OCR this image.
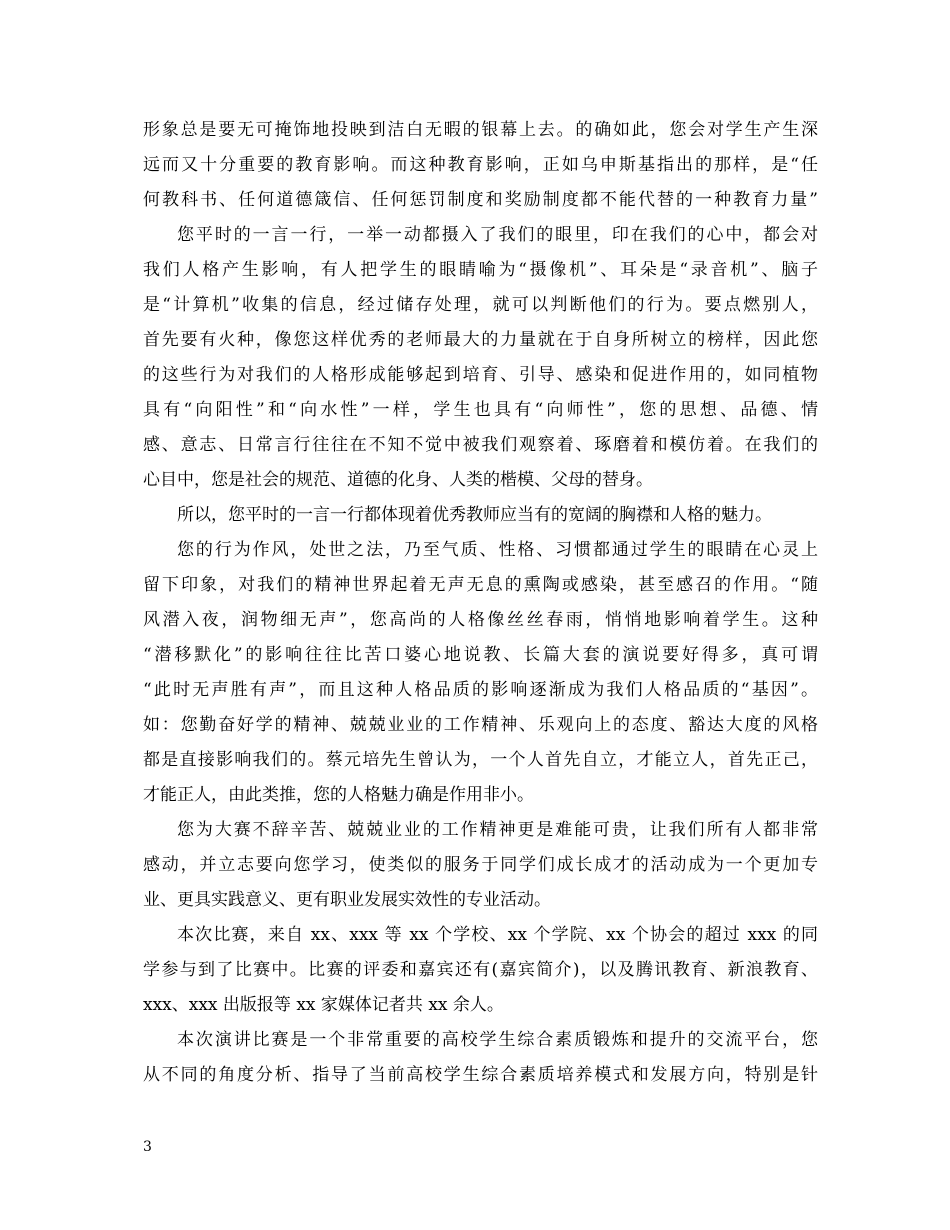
形象总是要无可掩饰地投映到洁白无暇的银幕上去。的确如此，您会对学生产生深
远而又十分重要的教育影响。而这种教育影响，正如乌申斯基指出的那样，是“任
何教科书、任何道德箴信、任何惩罚制度和奖励制度都不能代替的一种教育力量”
您平时的一言一行，一举一动都摄入了我们的眼里，印在我们的心中，都会对
我们人格产生影响，有人把学生的眼睛喻为“摄像机”、耳朵是“录音机”、脑子
是“计算机”收集的信息，经过储存处理，就可以判断他们的行为。要点燃别人，
首先要有火种，像您这样优秀的老师最大的力量就在于自身所树立的榜样，因此您
的这些行为对我们的人格形成能够起到培育、引导、感染和促进作用的，如同植物
具有“向阳性”和“向水性”一样，学生也具有“向师性”，您的思想、品德、情
感、意志、日常言行往往在不知不觉中被我们观察着、琢磨着和模仿着。在我们的
心目中，您是社会的规范、道德的化身、人类的楷模、父母的替身。
所以，您平时的一言一行都体现着优秀教师应当有的宽阔的胸襟和人格的魅力。
您的行为作风，处世之法，乃至气质、性格、习惯都通过学生的眼睛在心灵上
留下印象，对我们的精神世界起着无声无息的熏陶或感染，甚至感召的作用。“随
风潜入夜，润物细无声”，您高尚的人格像丝丝春雨，悄悄地影响着学生。这种
“潜移默化”的影响往往比苦口婆心地说教、长篇大套的演说要好得多，真可谓
“此时无声胜有声”，而且这种人格品质的影响逐渐成为我们人格品质的“基因”。
如：您勤奋好学的精神、兢兢业业的工作精神、乐观向上的态度、豁达大度的风格
都是直接影响我们的。蔡元培先生曾认为，一个人首先自立，才能立人，首先正己，
才能正人，由此类推，您的人格魅力确是作用非小。
您为大赛不辞辛苦、兢兢业业的工作精神更是难能可贵，让我们所有人都非常
感动，并立志要向您学习，使类似的服务于同学们成长成才的活动成为一个更加专
业、更具实践意义、更有职业发展实效性的专业活动。
本次比赛，来自 xx、xxx 等 xx 个学校、xx 个学院、xx 个协会的超过 xxx 的同
学参与到了比赛中。比赛的评委和嘉宾还有(嘉宾简介)，以及腾讯教育、新浪教育、
xxx、xxx 出版报等 xx 家媒体记者共 xx 余人。
本次演讲比赛是一个非常重要的高校学生综合素质锻炼和提升的交流平台，您
从不同的角度分析、指导了当前高校学生综合素质培养模式和发展方向，特别是针
3
